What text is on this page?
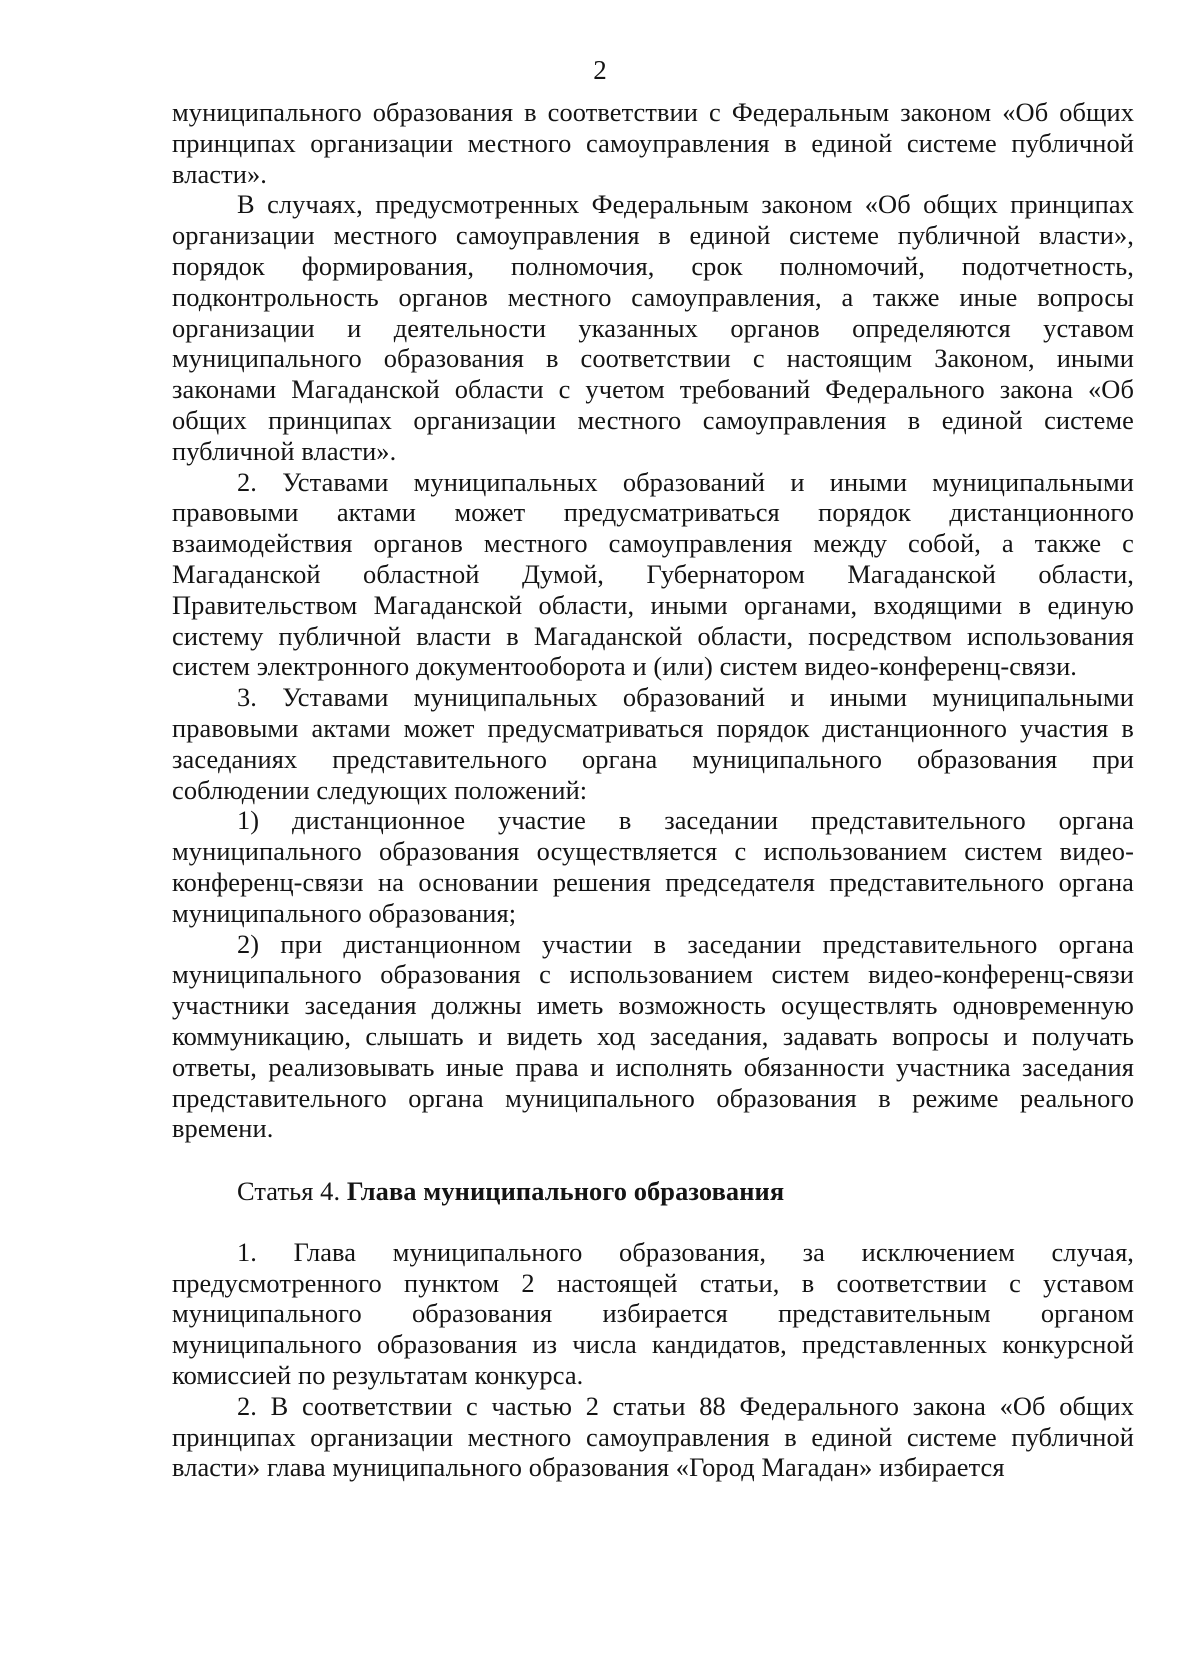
2

муниципального образования в соответствии с Федеральным законом «Об общих принципах организации местного самоуправления в единой системе публичной власти».

В случаях, предусмотренных Федеральным законом «Об общих принципах организации местного самоуправления в единой системе публичной власти», порядок формирования, полномочия, срок полномочий, подотчетность, подконтрольность органов местного самоуправления, а также иные вопросы организации и деятельности указанных органов определяются уставом муниципального образования в соответствии с настоящим Законом, иными законами Магаданской области с учетом требований Федерального закона «Об общих принципах организации местного самоуправления в единой системе публичной власти».

2. Уставами муниципальных образований и иными муниципальными правовыми актами может предусматриваться порядок дистанционного взаимодействия органов местного самоуправления между собой, а также с Магаданской областной Думой, Губернатором Магаданской области, Правительством Магаданской области, иными органами, входящими в единую систему публичной власти в Магаданской области, посредством использования систем электронного документооборота и (или) систем видео-конференц-связи.

3. Уставами муниципальных образований и иными муниципальными правовыми актами может предусматриваться порядок дистанционного участия в заседаниях представительного органа муниципального образования при соблюдении следующих положений:

1) дистанционное участие в заседании представительного органа муниципального образования осуществляется с использованием систем видео-конференц-связи на основании решения председателя представительного органа муниципального образования;

2) при дистанционном участии в заседании представительного органа муниципального образования с использованием систем видео-конференц-связи участники заседания должны иметь возможность осуществлять одновременную коммуникацию, слышать и видеть ход заседания, задавать вопросы и получать ответы, реализовывать иные права и исполнять обязанности участника заседания представительного органа муниципального образования в режиме реального времени.

Статья 4. Глава муниципального образования

1. Глава муниципального образования, за исключением случая, предусмотренного пунктом 2 настоящей статьи, в соответствии с уставом муниципального образования избирается представительным органом муниципального образования из числа кандидатов, представленных конкурсной комиссией по результатам конкурса.

2. В соответствии с частью 2 статьи 88 Федерального закона «Об общих принципах организации местного самоуправления в единой системе публичной власти» глава муниципального образования «Город Магадан» избирается
